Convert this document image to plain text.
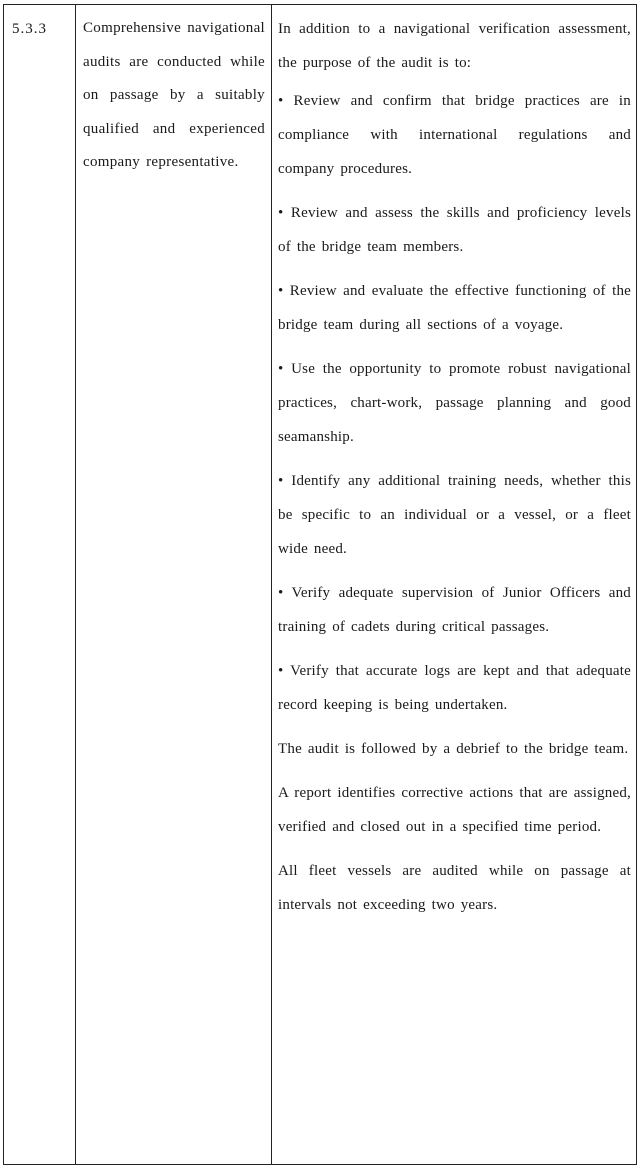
5.3.3	Comprehensive navigational audits are conducted while on passage by a suitably qualified and experienced company representative.

In addition to a navigational verification assessment, the purpose of the audit is to:

• Review and confirm that bridge practices are in compliance with international regulations and company procedures.

• Review and assess the skills and proficiency levels of the bridge team members.

• Review and evaluate the effective functioning of the bridge team during all sections of a voyage.

• Use the opportunity to promote robust navigational practices, chart-work, passage planning and good seamanship.

• Identify any additional training needs, whether this be specific to an individual or a vessel, or a fleet wide need.

• Verify adequate supervision of Junior Officers and training of cadets during critical passages.

• Verify that accurate logs are kept and that adequate record keeping is being undertaken.

The audit is followed by a debrief to the bridge team.

A report identifies corrective actions that are assigned, verified and closed out in a specified time period.

All fleet vessels are audited while on passage at intervals not exceeding two years.
